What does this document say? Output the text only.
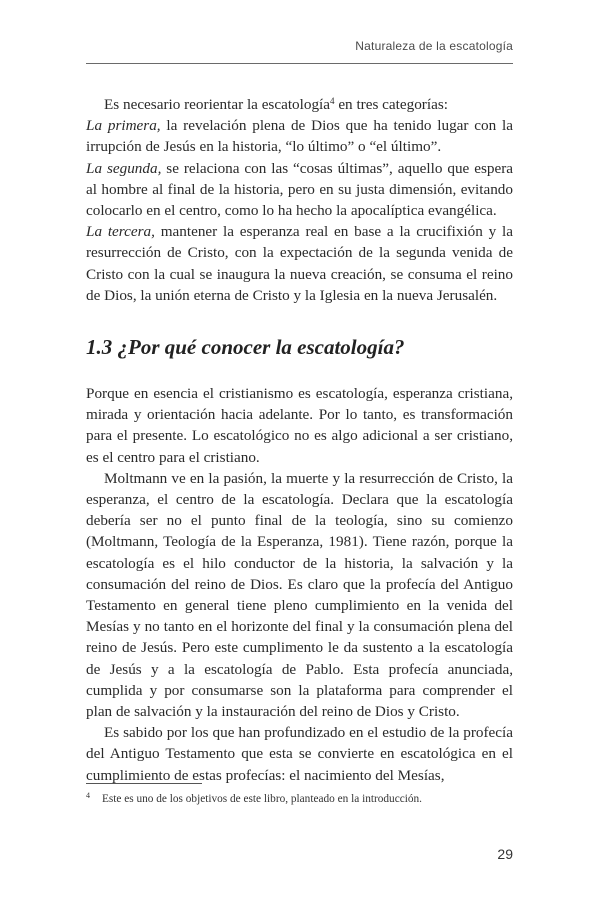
Naturaleza de la escatología

Es necesario reorientar la escatología$^4$ en tres categorías:

La primera, la revelación plena de Dios que ha tenido lugar con la irrupción de Jesús en la historia, “lo último” o “el último”.

La segunda, se relaciona con las “cosas últimas”, aquello que espera al hombre al final de la historia, pero en su justa dimensión, evitando colocarlo en el centro, como lo ha hecho la apocalíptica evangélica.

La tercera, mantener la esperanza real en base a la crucifixión y la resurrección de Cristo, con la expectación de la segunda venida de Cristo con la cual se inaugura la nueva creación, se consuma el reino de Dios, la unión eterna de Cristo y la Iglesia en la nueva Jerusalén.

1.3 ¿Por qué conocer la escatología?

Porque en esencia el cristianismo es escatología, esperanza cristiana, mirada y orientación hacia adelante. Por lo tanto, es transformación para el presente. Lo escatológico no es algo adicional a ser cristiano, es el centro para el cristiano.

Moltmann ve en la pasión, la muerte y la resurrección de Cristo, la esperanza, el centro de la escatología. Declara que la escatología debería ser no el punto final de la teología, sino su comienzo (Moltmann, Teología de la Esperanza, 1981). Tiene razón, porque la escatología es el hilo conductor de la historia, la salvación y la consumación del reino de Dios. Es claro que la profecía del Antiguo Testamento en general tiene pleno cumplimiento en la venida del Mesías y no tanto en el horizonte del final y la consumación plena del reino de Jesús. Pero este cumplimento le da sustento a la escatología de Jesús y a la escatología de Pablo. Esta profecía anunciada, cumplida y por consumarse son la plataforma para comprender el plan de salvación y la instauración del reino de Dios y Cristo.

Es sabido por los que han profundizado en el estudio de la profecía del Antiguo Testamento que esta se convierte en escatológica en el cumplimiento de estas profecías: el nacimiento del Mesías,

$^4$ Este es uno de los objetivos de este libro, planteado en la introducción.
29
